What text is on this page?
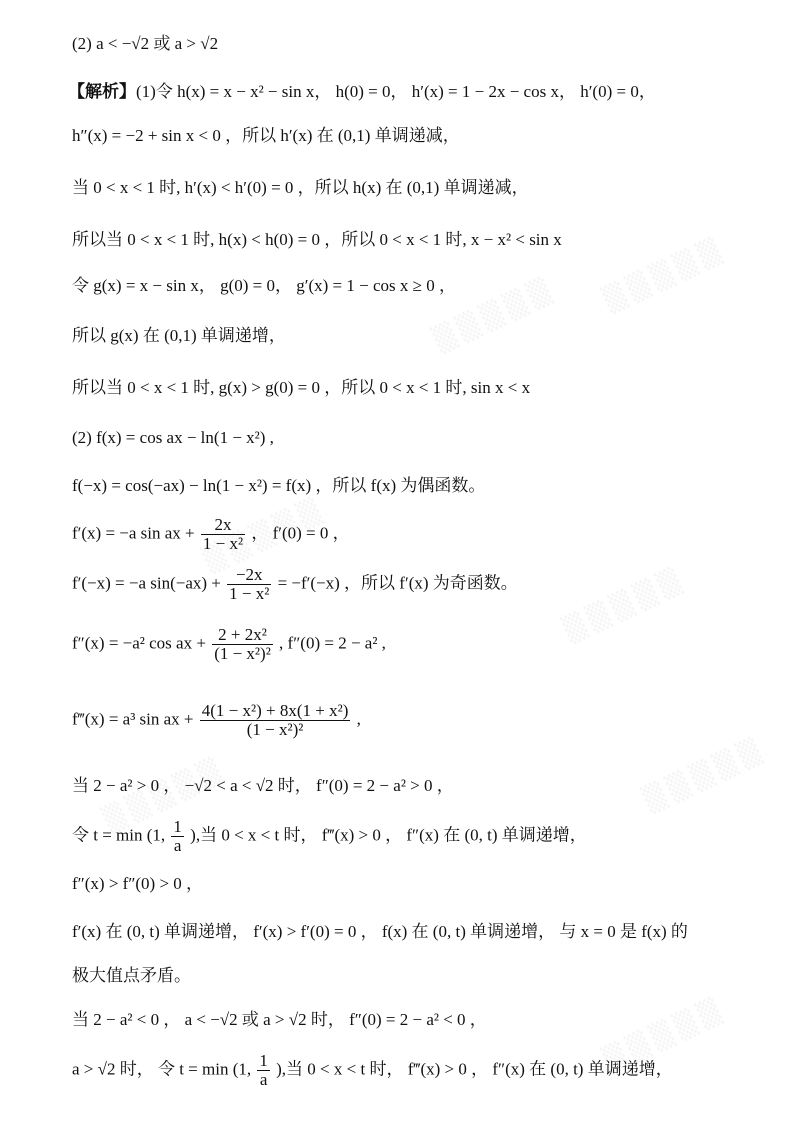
(2) a < −√2 或 a > √2
【解析】(1)令 h(x) = x − x² − sin x， h(0) = 0， h′(x) = 1 − 2x − cos x， h′(0) = 0，
h″(x) = −2 + sin x < 0 ，所以 h′(x) 在 (0,1) 单调递减，
当 0 < x < 1 时, h′(x) < h′(0) = 0 ，所以 h(x) 在 (0,1) 单调递减，
所以当 0 < x < 1 时, h(x) < h(0) = 0 ，所以 0 < x < 1 时, x − x² < sin x
令 g(x) = x − sin x， g(0) = 0， g′(x) = 1 − cos x ≥ 0 ，
所以 g(x) 在 (0,1) 单调递增，
所以当 0 < x < 1 时, g(x) > g(0) = 0 ，所以 0 < x < 1 时, sin x < x
(2) f(x) = cos ax − ln(1 − x²) ,
f(−x) = cos(−ax) − ln(1 − x²) = f(x) ，所以 f(x) 为偶函数。
f′(x) = −a sin ax + $\frac{2x}{\text{1 − x²}}$ ， f′(0) = 0 ，
f′(−x) = −a $\sin(-ax) + \frac{-2x}{\text{1 − x²}} = -f'(-x)$ ，所以 f′(x) 为奇函数。
f″(x) = −a² cos ax + $\frac{\text{2 + 2x²}}{\text{(1 − x²)²}}$ , f″(0) = 2 − a² ,
f‴(x) = a³ sin ax + $\frac{\text{4(1 − x²) + 8x(1 + x²)}}{\text{(1 − x²)²}}$ ,
当 2 − a² > 0 ， −√2 < a < √2 时， f″(0) = 2 − a² > 0 ，
令 t = min (1, $\frac{1}{a}$ ),当 0 < x < t 时， f‴(x) > 0 ， f″(x) 在 (0, t) 单调递增，
f″(x) > f″(0) > 0 ，
f′(x) 在 (0, t) 单调递增， f′(x) > f′(0) = 0 ， f(x) 在 (0, t) 单调递增， 与 x = 0 是 f(x) 的
极大值点矛盾。
当 2 − a² < 0 ， a < −√2 或 a > √2 时， f″(0) = 2 − a² < 0 ，
a > √2 时， 令 t = min (1, $\frac{1}{a}$ ),当 0 < x < t 时， f‴(x) > 0 ， f″(x) 在 (0, t) 单调递增，
